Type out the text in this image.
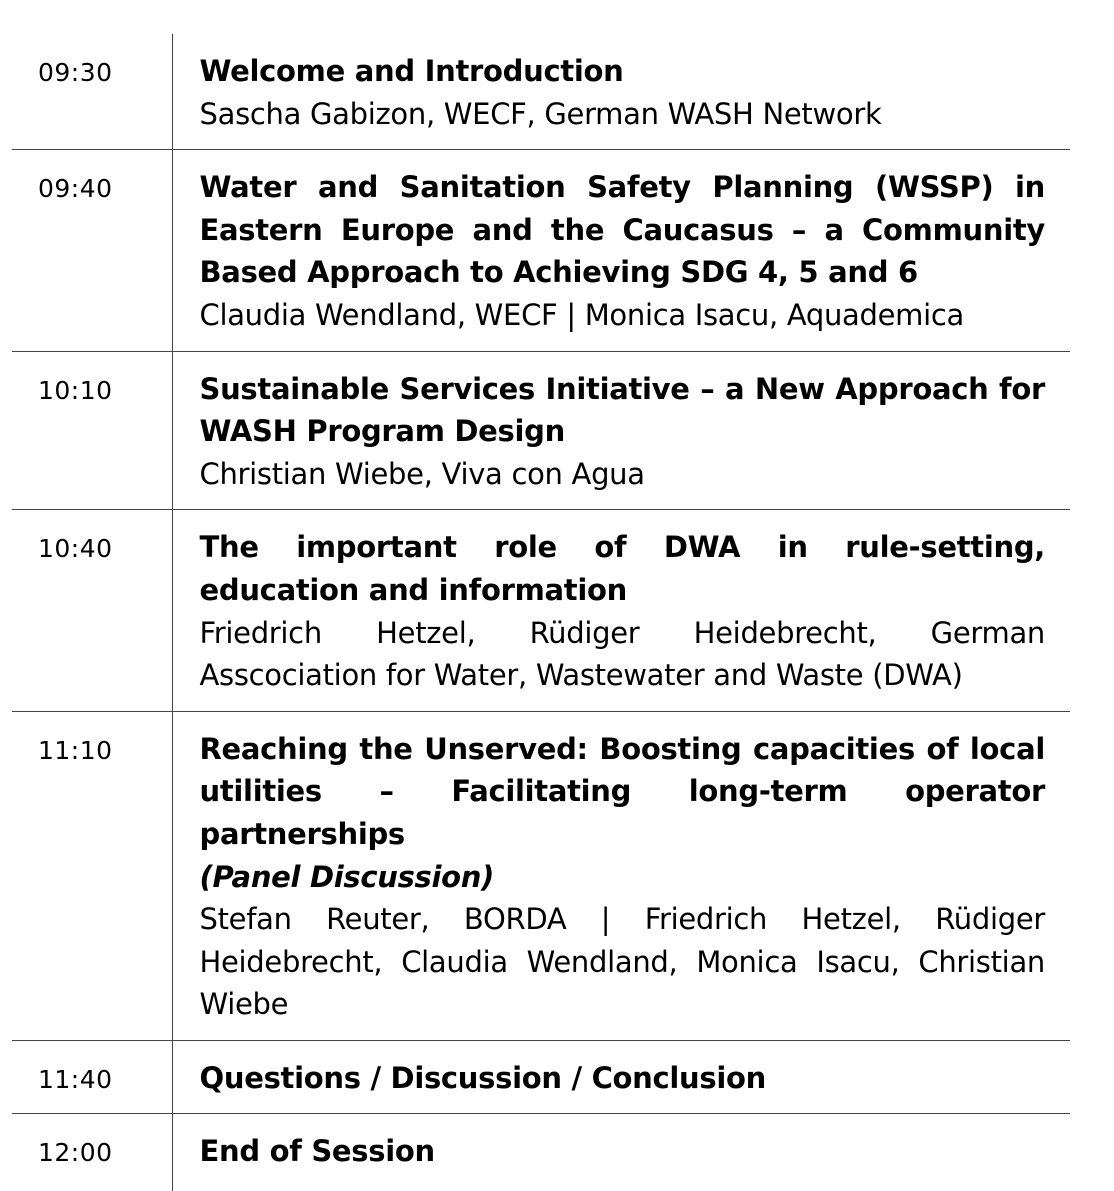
09:30	Welcome and Introduction
Sascha Gabizon, WECF, German WASH Network

09:40	Water and Sanitation Safety Planning (WSSP) in Eastern Europe and the Caucasus – a Community Based Approach to Achieving SDG 4, 5 and 6
Claudia Wendland, WECF | Monica Isacu, Aquademica

10:10	Sustainable Services Initiative – a New Approach for WASH Program Design
Christian Wiebe, Viva con Agua

10:40	The important role of DWA in rule-setting, education and information
Friedrich Hetzel, Rüdiger Heidebrecht, German Asscociation for Water, Wastewater and Waste (DWA)

11:10	Reaching the Unserved: Boosting capacities of local utilities – Facilitating long-term operator partnerships
(Panel Discussion)
Stefan Reuter, BORDA | Friedrich Hetzel, Rüdiger Heidebrecht, Claudia Wendland, Monica Isacu, Christian Wiebe

11:40	Questions / Discussion / Conclusion

12:00	End of Session
